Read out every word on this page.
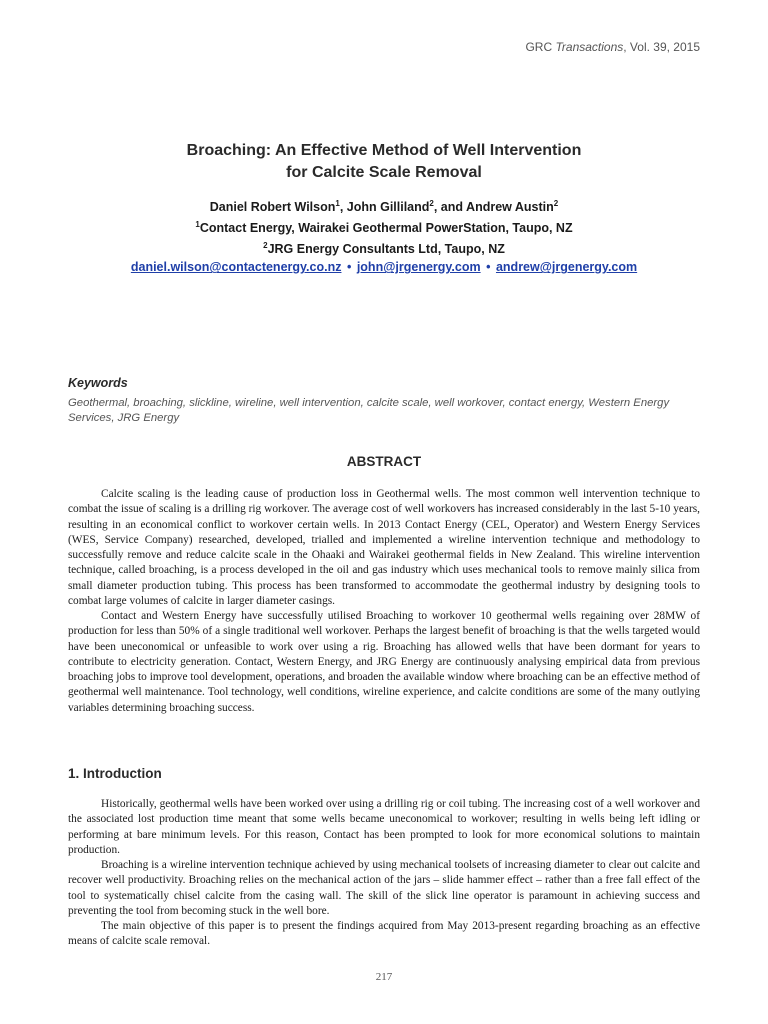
GRC Transactions, Vol. 39, 2015
Broaching: An Effective Method of Well Intervention
for Calcite Scale Removal
Daniel Robert Wilson$^1$, John Gilliland$^2$, and Andrew Austin$^2$
$^1$Contact Energy, Wairakei Geothermal PowerStation, Taupo, NZ
$^2$JRG Energy Consultants Ltd, Taupo, NZ
daniel.wilson@contactenergy.co.nz • john@jrgenergy.com • andrew@jrgenergy.com
Keywords
Geothermal, broaching, slickline, wireline, well intervention, calcite scale, well workover, contact energy, Western Energy Services, JRG Energy
ABSTRACT

Calcite scaling is the leading cause of production loss in Geothermal wells. The most common well intervention technique to combat the issue of scaling is a drilling rig workover. The average cost of well workovers has increased considerably in the last 5-10 years, resulting in an economical conflict to workover certain wells. In 2013 Contact Energy (CEL, Operator) and Western Energy Services (WES, Service Company) researched, developed, trialled and implemented a wireline intervention technique and methodology to successfully remove and reduce calcite scale in the Ohaaki and Wairakei geothermal fields in New Zealand. This wireline intervention technique, called broaching, is a process developed in the oil and gas industry which uses mechanical tools to remove mainly silica from small diameter production tubing. This process has been transformed to accommodate the geothermal industry by designing tools to combat large volumes of calcite in larger diameter casings.

Contact and Western Energy have successfully utilised Broaching to workover 10 geothermal wells regaining over 28MW of production for less than 50% of a single traditional well workover. Perhaps the largest benefit of broaching is that the wells targeted would have been uneconomical or unfeasible to work over using a rig. Broaching has allowed wells that have been dormant for years to contribute to electricity generation. Contact, Western Energy, and JRG Energy are continuously analysing empirical data from previous broaching jobs to improve tool development, operations, and broaden the available window where broaching can be an effective method of geothermal well maintenance. Tool technology, well conditions, wireline experience, and calcite conditions are some of the many outlying variables determining broaching success.

1. Introduction

Historically, geothermal wells have been worked over using a drilling rig or coil tubing. The increasing cost of a well workover and the associated lost production time meant that some wells became uneconomical to workover; resulting in wells being left idling or performing at bare minimum levels. For this reason, Contact has been prompted to look for more economical solutions to maintain production.

Broaching is a wireline intervention technique achieved by using mechanical toolsets of increasing diameter to clear out calcite and recover well productivity. Broaching relies on the mechanical action of the jars – slide hammer effect – rather than a free fall effect of the tool to systematically chisel calcite from the casing wall. The skill of the slick line operator is paramount in achieving success and preventing the tool from becoming stuck in the well bore.

The main objective of this paper is to present the findings acquired from May 2013-present regarding broaching as an effective means of calcite scale removal.

217
